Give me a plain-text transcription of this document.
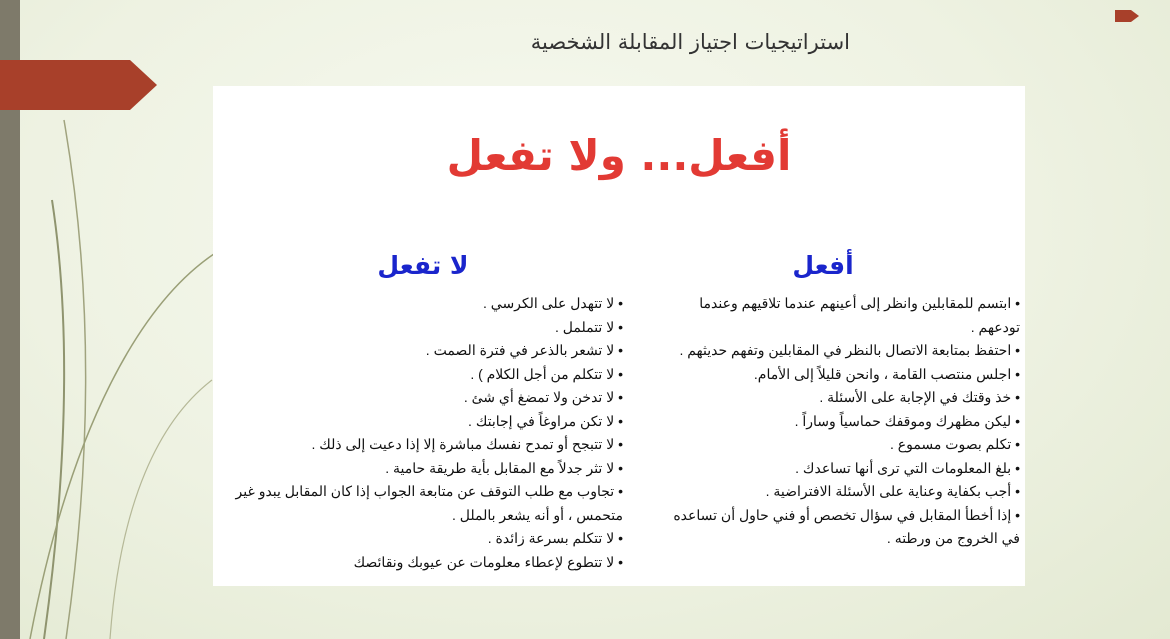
استراتيجيات اجتياز المقابلة الشخصية
أفعل... ولا تفعل
أفعل
لا تفعل
• ابتسم للمقابلين وانظر إلى أعينهم عندما تلاقيهم وعندما تودعهم .
• احتفظ بمتابعة الاتصال بالنظر في المقابلين وتفهم حديثهم .
• اجلس منتصب القامة ، وانحن قليلاً إلى الأمام.
• خذ وقتك في الإجابة على الأسئلة .
• ليكن مظهرك وموقفك حماسياً وساراً .
• تكلم بصوت مسموع .
• بلغ المعلومات التي ترى أنها تساعدك .
• أجب بكفاية وعناية على الأسئلة الافتراضية .
• إذا أخطأ المقابل في سؤال تخصص أو فني حاول أن تساعده في الخروج من ورطته .
• لا تتهدل على الكرسي .
• لا تتململ .
• لا تشعر بالذعر في فترة الصمت .
• لا تتكلم من أجل الكلام ) .
• لا تدخن ولا تمضغ أي شئ .
• لا تكن مراوغاً في إجابتك .
• لا تتبجح أو تمدح نفسك مباشرة إلا إذا دعيت إلى ذلك .
• لا تثر جدلاً مع المقابل بأية طريقة حامية .
• تجاوب مع طلب التوقف عن متابعة الجواب إذا كان المقابل يبدو غير متحمس ، أو أنه يشعر بالملل .
• لا تتكلم بسرعة زائدة .
• لا تتطوع لإعطاء معلومات عن عيوبك ونقائصك
